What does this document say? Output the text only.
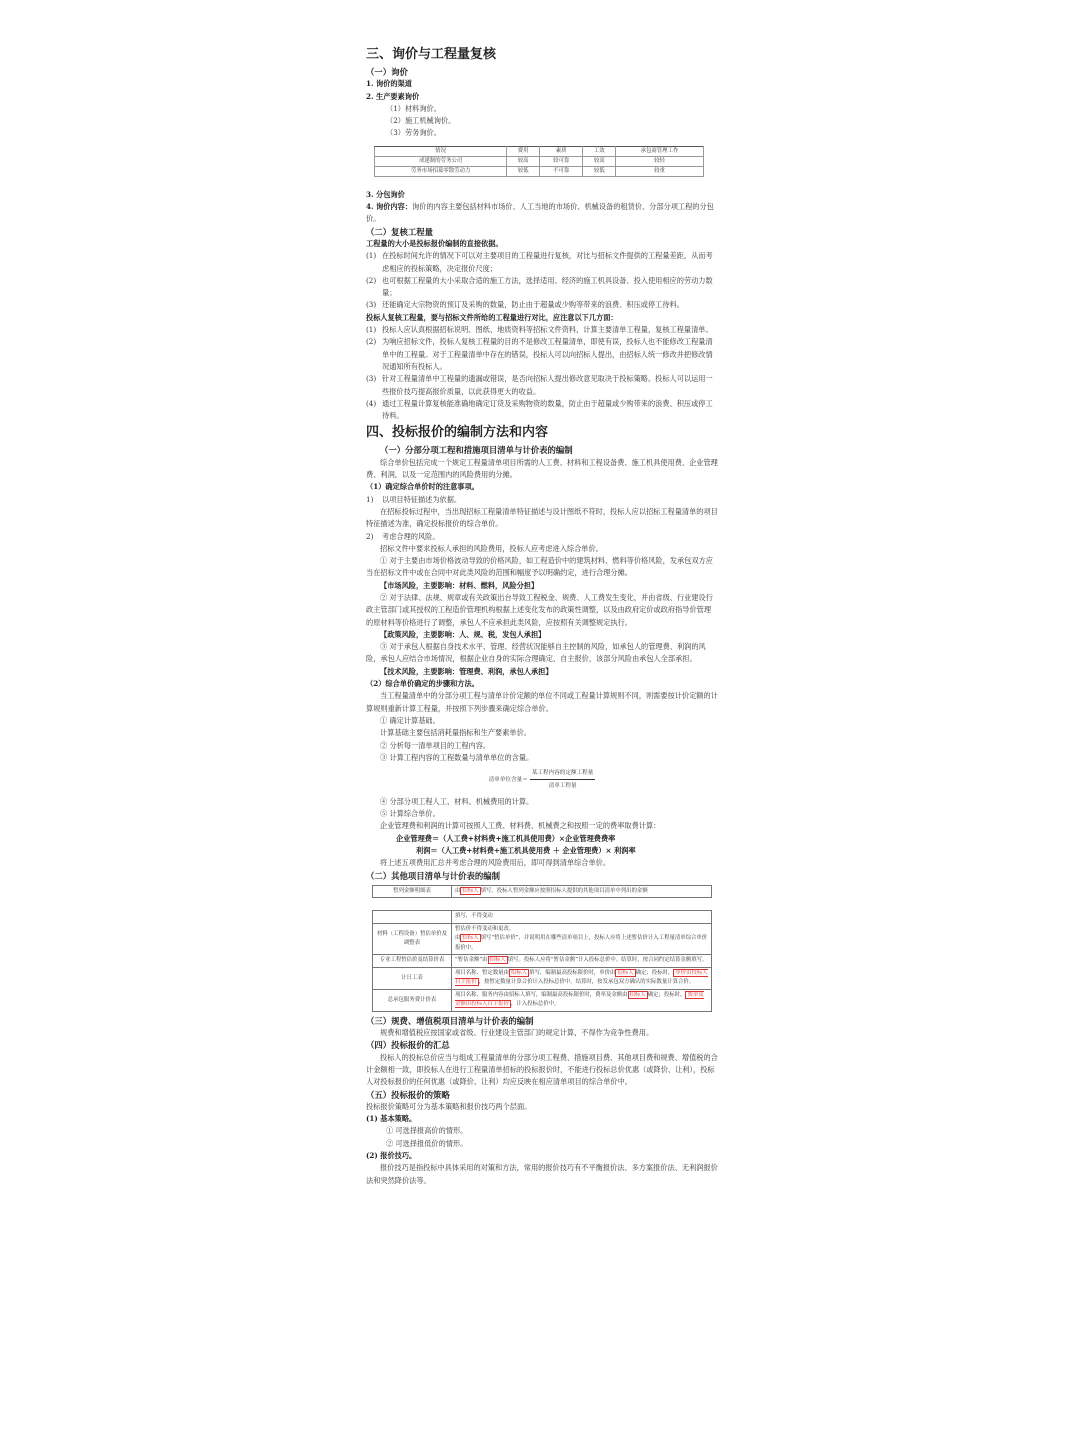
三、询价与工程量复核
（一）询价
1. 询价的渠道
2. 生产要素询价
（1）材料询价。
（2）施工机械询价。
（3）劳务询价。
情况	费用	素质	工效	承包商管理工作
成建制的劳务公司	较高	较可靠	较高	较轻
劳务市场招募零散劳动力	较低	不可靠	较低	较重
3. 分包询价
4. 询价内容：询价的内容主要包括材料市场价、人工当地的市场价、机械设备的租赁价、分部分项工程的分包价。
（二）复核工程量
工程量的大小是投标报价编制的直接依据。
(1) 在投标时间允许的情况下可以对主要项目的工程量进行复核，对比与招标文件提供的工程量差距，从而考虑相应的投标策略，决定报价尺度；
(2) 也可根据工程量的大小采取合适的施工方法，选择适用、经济的施工机具设备、投入使用相应的劳动力数量；
(3) 还能确定大宗物资的预订及采购的数量，防止由于超量或少购等带来的浪费、积压或停工待料。
投标人复核工程量，要与招标文件所给的工程量进行对比，应注意以下几方面：
(1) 投标人应认真根据招标说明、图纸、地质资料等招标文件资料，计算主要清单工程量，复核工程量清单。
(2) 为响应招标文件，投标人复核工程量的目的不是修改工程量清单，即使有误，投标人也不能修改工程量清单中的工程量。对于工程量清单中存在的错误，投标人可以向招标人提出，由招标人统一修改并把修改情况通知所有投标人。
(3) 针对工程量清单中工程量的遗漏或错误，是否向招标人提出修改意见取决于投标策略。投标人可以运用一些报价技巧提高报价质量，以此获得更大的收益。
(4) 通过工程量计算复核能准确地确定订货及采购物资的数量，防止由于超量或少购带来的浪费、积压或停工待料。
四、投标报价的编制方法和内容
（一）分部分项工程和措施项目清单与计价表的编制
综合单价包括完成一个规定工程量清单项目所需的人工费、材料和工程设备费、施工机具使用费、企业管理费、利润，以及一定范围内的风险费用的分摊。
（1）确定综合单价时的注意事项。
1)	以项目特征描述为依据。
在招标投标过程中，当出现招标工程量清单特征描述与设计图纸不符时，投标人应以招标工程量清单的项目特征描述为准，确定投标报价的综合单价。
2)	考虑合理的风险。
招标文件中要求投标人承担的风险费用，投标人应考虑进入综合单价。
① 对于主要由市场价格波动导致的价格风险，如工程造价中的建筑材料、燃料等价格风险，发承包双方应当在招标文件中或在合同中对此类风险的范围和幅度予以明确约定，进行合理分摊。
【市场风险，主要影响：材料、燃料，风险分担】
② 对于法律、法规、规章或有关政策出台导致工程税金、规费、人工费发生变化，并由省级、行业建设行政主管部门或其授权的工程造价管理机构根据上述变化发布的政策性调整，以及由政府定价或政府指导价管理的原材料等价格进行了调整，承包人不应承担此类风险，应按照有关调整规定执行。
【政策风险，主要影响：人、规、税，发包人承担】
③ 对于承包人根据自身技术水平、管理、经营状况能够自主控制的风险，如承包人的管理费、利润的风险，承包人应结合市场情况，根据企业自身的实际合理确定、自主报价，该部分风险由承包人全部承担。
【技术风险，主要影响：管理费、利润，承包人承担】
（2）综合单价确定的步骤和方法。
当工程量清单中的分部分项工程与清单计价定额的单位不同或工程量计算规则不同，则需要按计价定额的计算规则重新计算工程量，并按照下列步骤来确定综合单价。
① 确定计算基础。
计算基础主要包括消耗量指标和生产要素单价。
② 分析每一清单项目的工程内容。
③ 计算工程内容的工程数量与清单单位的含量。
清单单位含量＝ $\frac{\text{某工程内容的定额工程量}}{\text{清单工程量}}$
④ 分部分项工程人工、材料、机械费用的计算。
⑤ 计算综合单价。
企业管理费和利润的计算可按照人工费、材料费、机械费之和按照一定的费率取费计算：
企业管理费＝（人工费+材料费+施工机具使用费）×企业管理费费率
利润＝（人工费+材料费+施工机具使用费 ＋ 企业管理费）× 利润率
将上述五项费用汇总并考虑合理的风险费用后，即可得到清单综合单价。
（二）其他项目清单与计价表的编制
暂列金额明细表	由 招标人 填写。投标人暂列金额应按照招标人提供的其他项目清单中列出的金额
	填写，不得变动
材料（工程设备）暂估单价及调整表	暂估价不得变动和更改。
由 招标人 填写“暂估单价”，并说明用在哪些清单项目上，投标人应将上述暂估价计入工程量清单综合单价报价中。

专业工程暂估价及结算价表	“暂估金额”由 招标人 填写。投标人应将“暂估金额”计入投标总价中。结算时，按合同约定结算金额填写。
计日工表	项目名称、暂定数量由 招标人 填写，编制最高投标限价时，单价由 招标人 确定；投标时， 单价由投标人自主报价 ，按暂定数量计算合价计入投标总价中。结算时，按发承包双方确认的实际数量计算合价。
总承包服务费计价表	项目名称、服务内容由招标人填写，编制最高投标限价时，费率及金额由 招标人 确定；投标时， 费率及金额由投标人自主报价 ，计入投标总价中。
（三）规费、增值税项目清单与计价表的编制
规费和增值税应按国家或省级、行业建设主管部门的规定计算，不得作为竞争性费用。
（四）投标报价的汇总
投标人的投标总价应当与组成工程量清单的分部分项工程费、措施项目费、其他项目费和规费、增值税的合计金额相一致，即投标人在进行工程量清单招标的投标报价时，不能进行投标总价优惠（或降价、让利），投标人对投标报价的任何优惠（或降价、让利）均应反映在相应清单项目的综合单价中。
（五）投标报价的策略
投标报价策略可分为基本策略和报价技巧两个层面。
(1) 基本策略。
① 可选择报高价的情形。
② 可选择报低价的情形。
(2) 报价技巧。
报价技巧是指投标中具体采用的对策和方法，常用的报价技巧有不平衡报价法、多方案报价法、无利润报价法和突然降价法等。
